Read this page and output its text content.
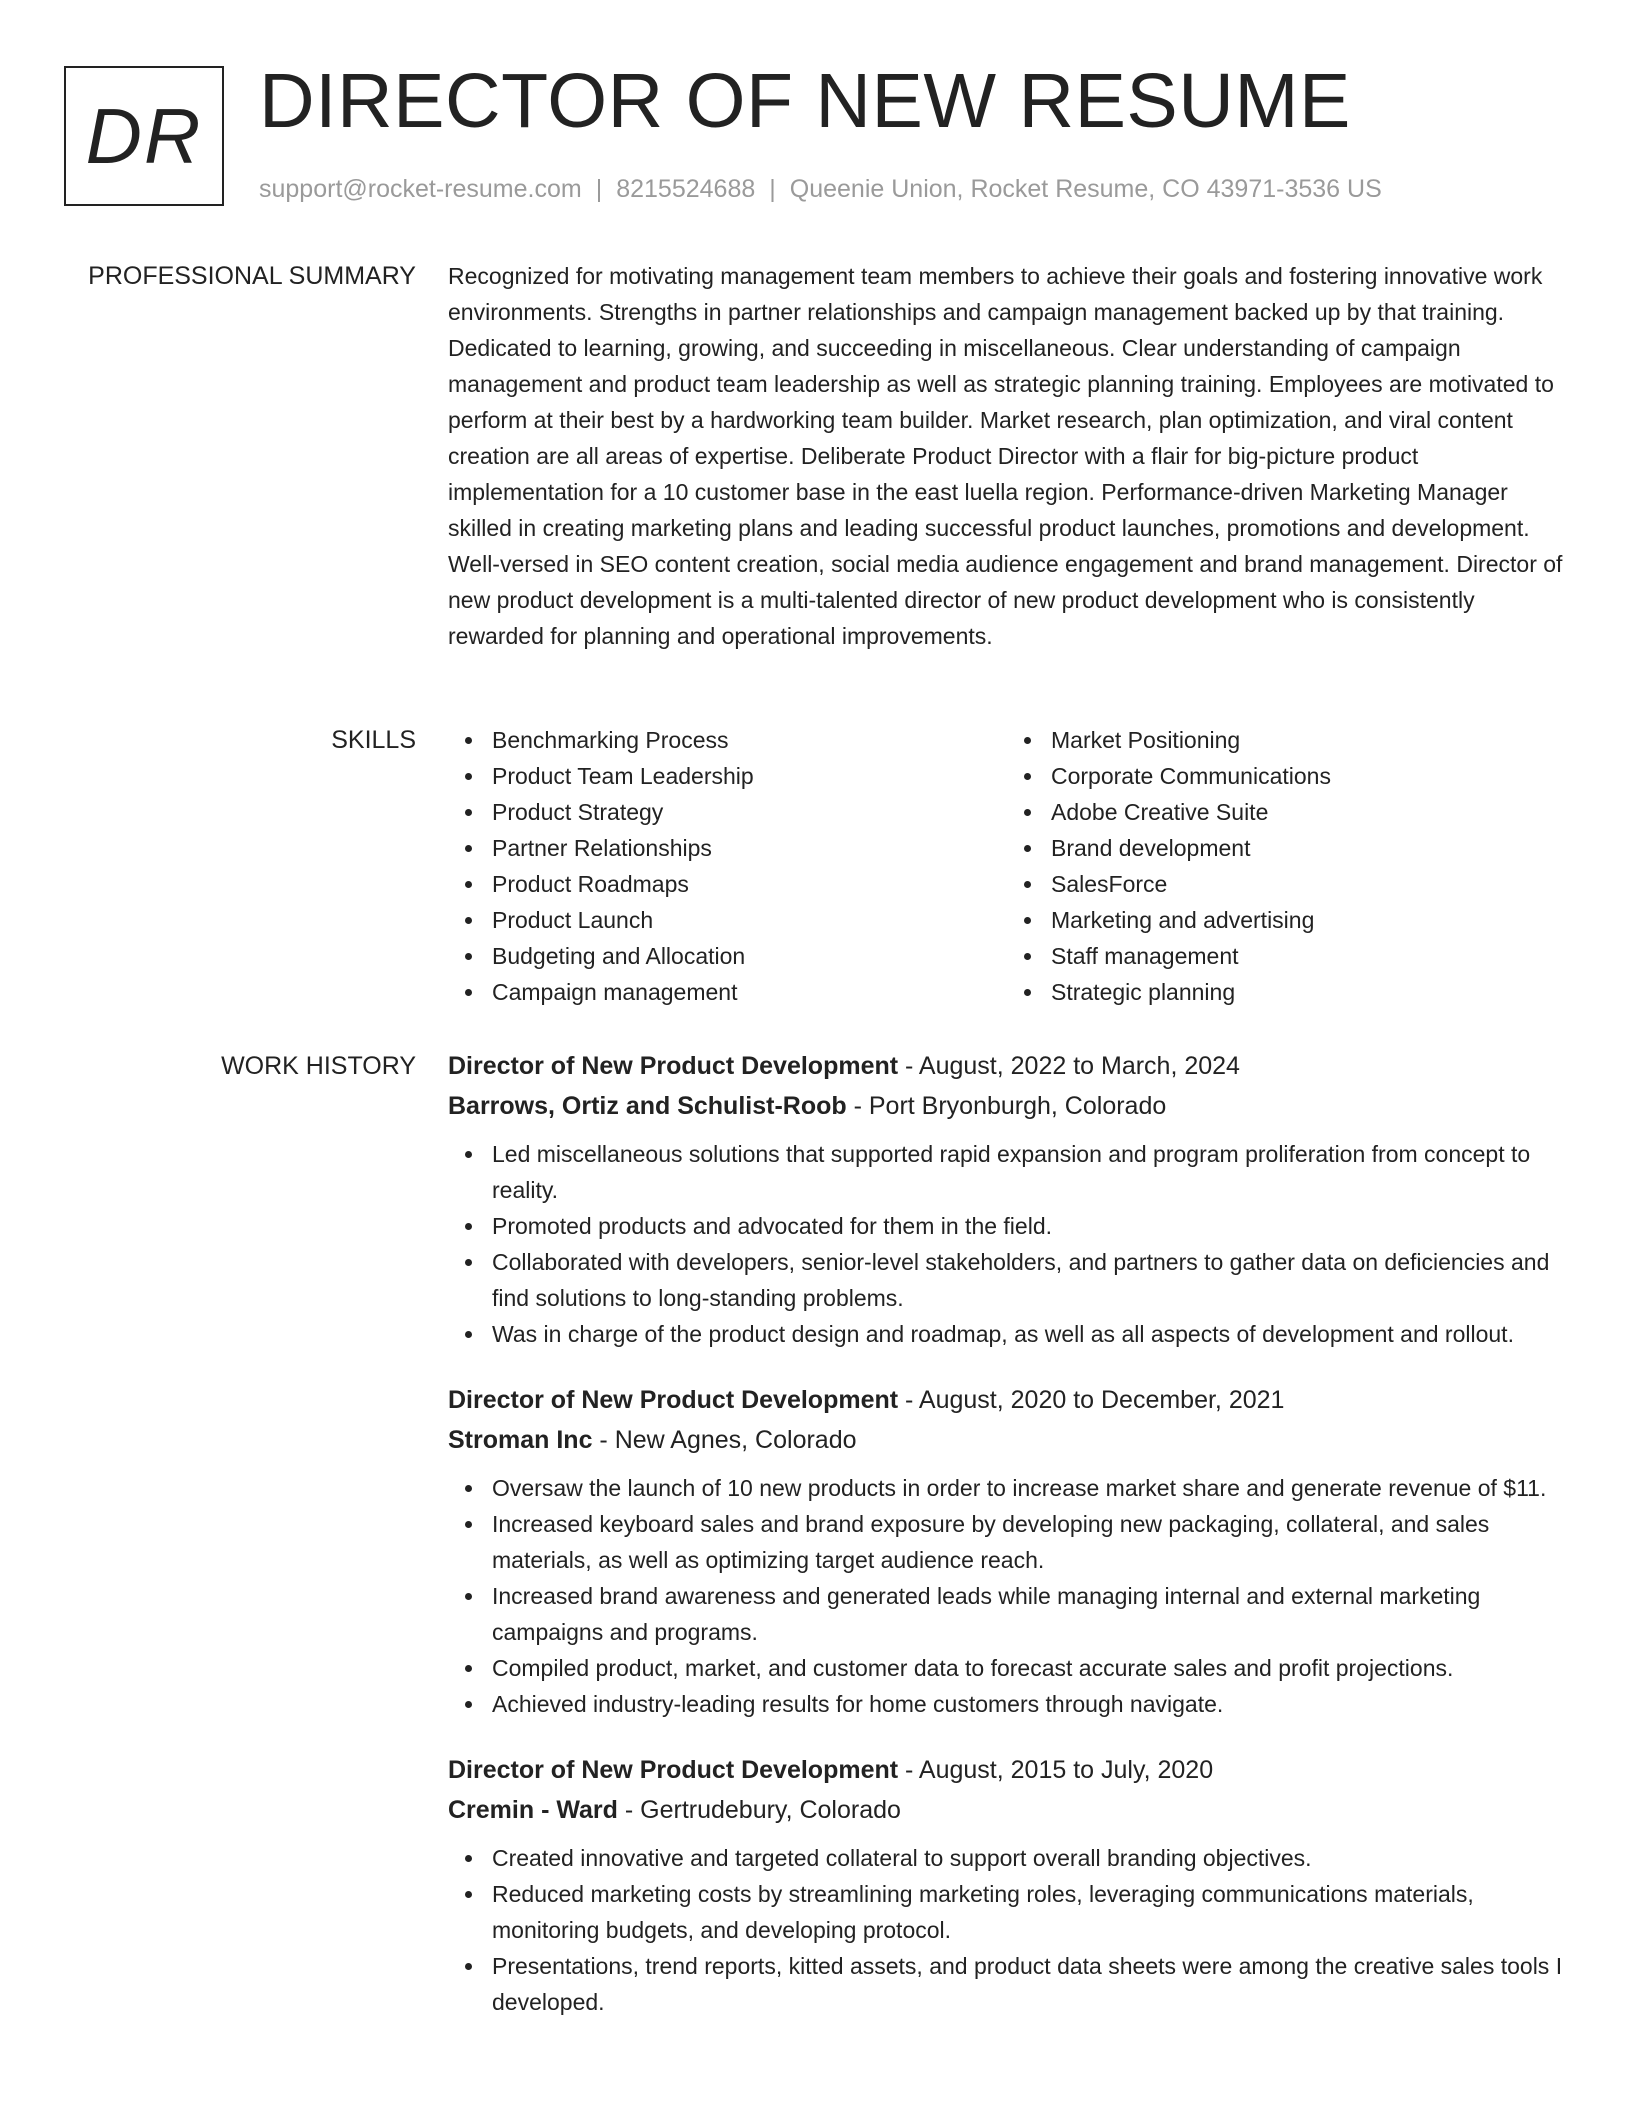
DR DIRECTOR OF NEW RESUME
support@rocket-resume.com | 8215524688 | Queenie Union, Rocket Resume, CO 43971-3536 US
PROFESSIONAL SUMMARY Recognized for motivating management team members to achieve their goals and fostering innovative work environments. Strengths in partner relationships and campaign management backed up by that training. Dedicated to learning, growing, and succeeding in miscellaneous. Clear understanding of campaign management and product team leadership as well as strategic planning training. Employees are motivated to perform at their best by a hardworking team builder. Market research, plan optimization, and viral content creation are all areas of expertise. Deliberate Product Director with a flair for big-picture product implementation for a 10 customer base in the east luella region. Performance-driven Marketing Manager skilled in creating marketing plans and leading successful product launches, promotions and development. Well-versed in SEO content creation, social media audience engagement and brand management. Director of new product development is a multi-talented director of new product development who is consistently rewarded for planning and operational improvements.

SKILLS	Benchmarking Process
Product Team Leadership
Product Strategy
Partner Relationships
Product Roadmaps
Product Launch
Budgeting and Allocation
Campaign management
Market Positioning
Corporate Communications
Adobe Creative Suite
Brand development
SalesForce
Marketing and advertising
Staff management
Strategic planning
WORK HISTORY Director of New Product Development - August, 2022 to March, 2024
Barrows, Ortiz and Schulist-Roob - Port Bryonburgh, Colorado
Led miscellaneous solutions that supported rapid expansion and program proliferation from concept to reality.
Promoted products and advocated for them in the field.
Collaborated with developers, senior-level stakeholders, and partners to gather data on deficiencies and find solutions to long-standing problems.
Was in charge of the product design and roadmap, as well as all aspects of development and rollout.
Director of New Product Development - August, 2020 to December, 2021
Stroman Inc - New Agnes, Colorado
Oversaw the launch of 10 new products in order to increase market share and generate revenue of $11.
Increased keyboard sales and brand exposure by developing new packaging, collateral, and sales materials, as well as optimizing target audience reach.
Increased brand awareness and generated leads while managing internal and external marketing campaigns and programs.
Compiled product, market, and customer data to forecast accurate sales and profit projections.
Achieved industry-leading results for home customers through navigate.
Director of New Product Development - August, 2015 to July, 2020
Cremin - Ward - Gertrudebury, Colorado
Created innovative and targeted collateral to support overall branding objectives.
Reduced marketing costs by streamlining marketing roles, leveraging communications materials, monitoring budgets, and developing protocol.
Presentations, trend reports, kitted assets, and product data sheets were among the creative sales tools I developed.
